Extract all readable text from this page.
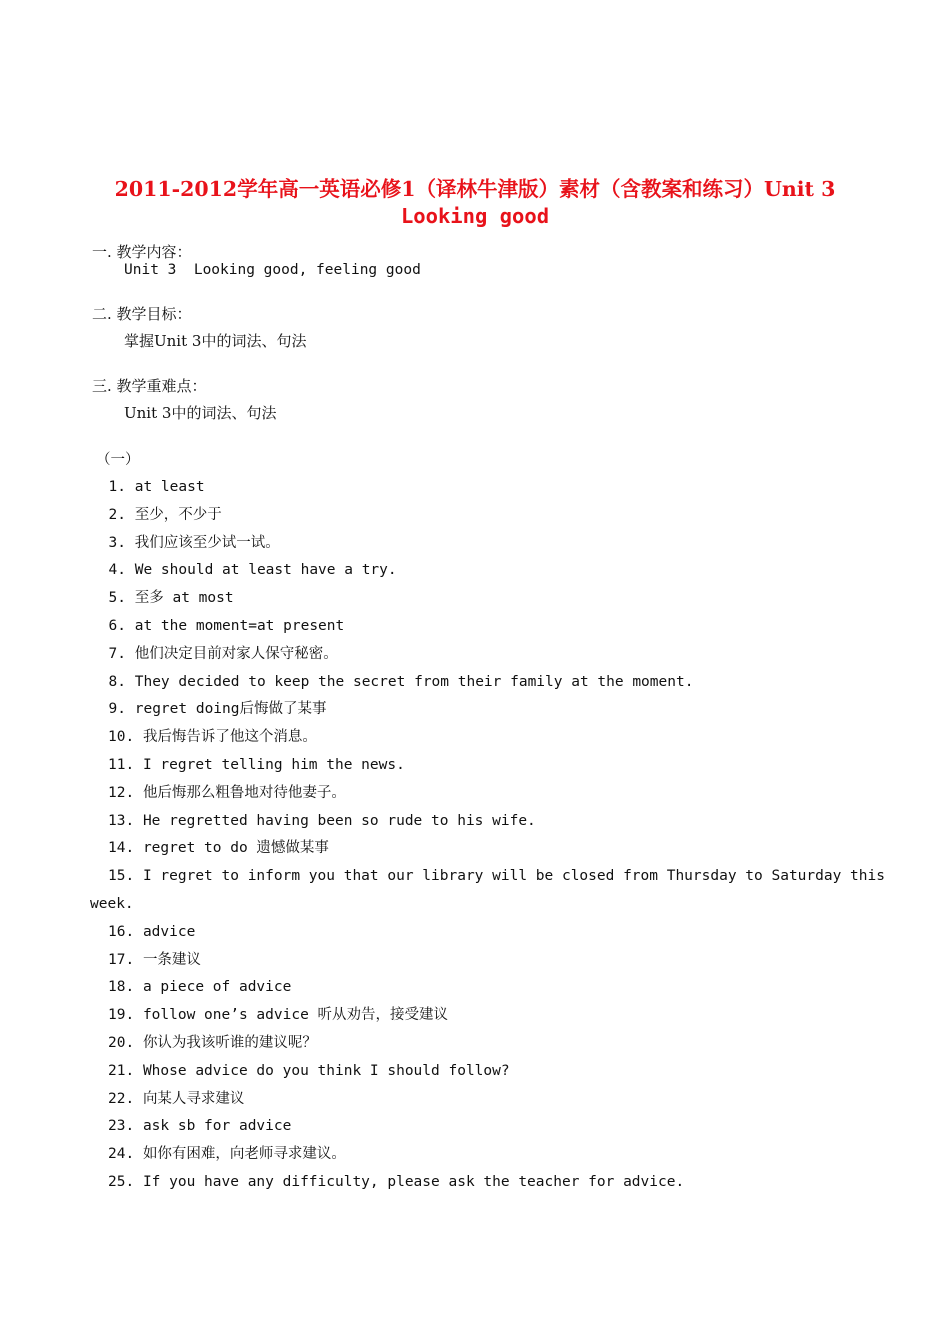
2011-2012学年高一英语必修1（译林牛津版）素材（含教案和练习）Unit 3
Looking good
一. 教学内容：
Unit 3  Looking good, feeling good
二. 教学目标：
掌握Unit 3中的词法、句法
三. 教学重难点：
Unit 3中的词法、句法
（一）
1. at least
2. 至少，不少于
3. 我们应该至少试一试。
4. We should at least have a try.
5. 至多 at most
6. at the moment=at present
7. 他们决定目前对家人保守秘密。
8. They decided to keep the secret from their family at the moment.
9. regret doing后悔做了某事
10. 我后悔告诉了他这个消息。
11. I regret telling him the news.
12. 他后悔那么粗鲁地对待他妻子。
13. He regretted having been so rude to his wife.
14. regret to do 遗憾做某事
15. I regret to inform you that our library will be closed from Thursday to Saturday this
week.
16. advice
17. 一条建议
18. a piece of advice
19. follow one’s advice 听从劝告，接受建议
20. 你认为我该听谁的建议呢？
21. Whose advice do you think I should follow?
22. 向某人寻求建议
23. ask sb for advice
24. 如你有困难，向老师寻求建议。
25. If you have any difficulty, please ask the teacher for advice.
